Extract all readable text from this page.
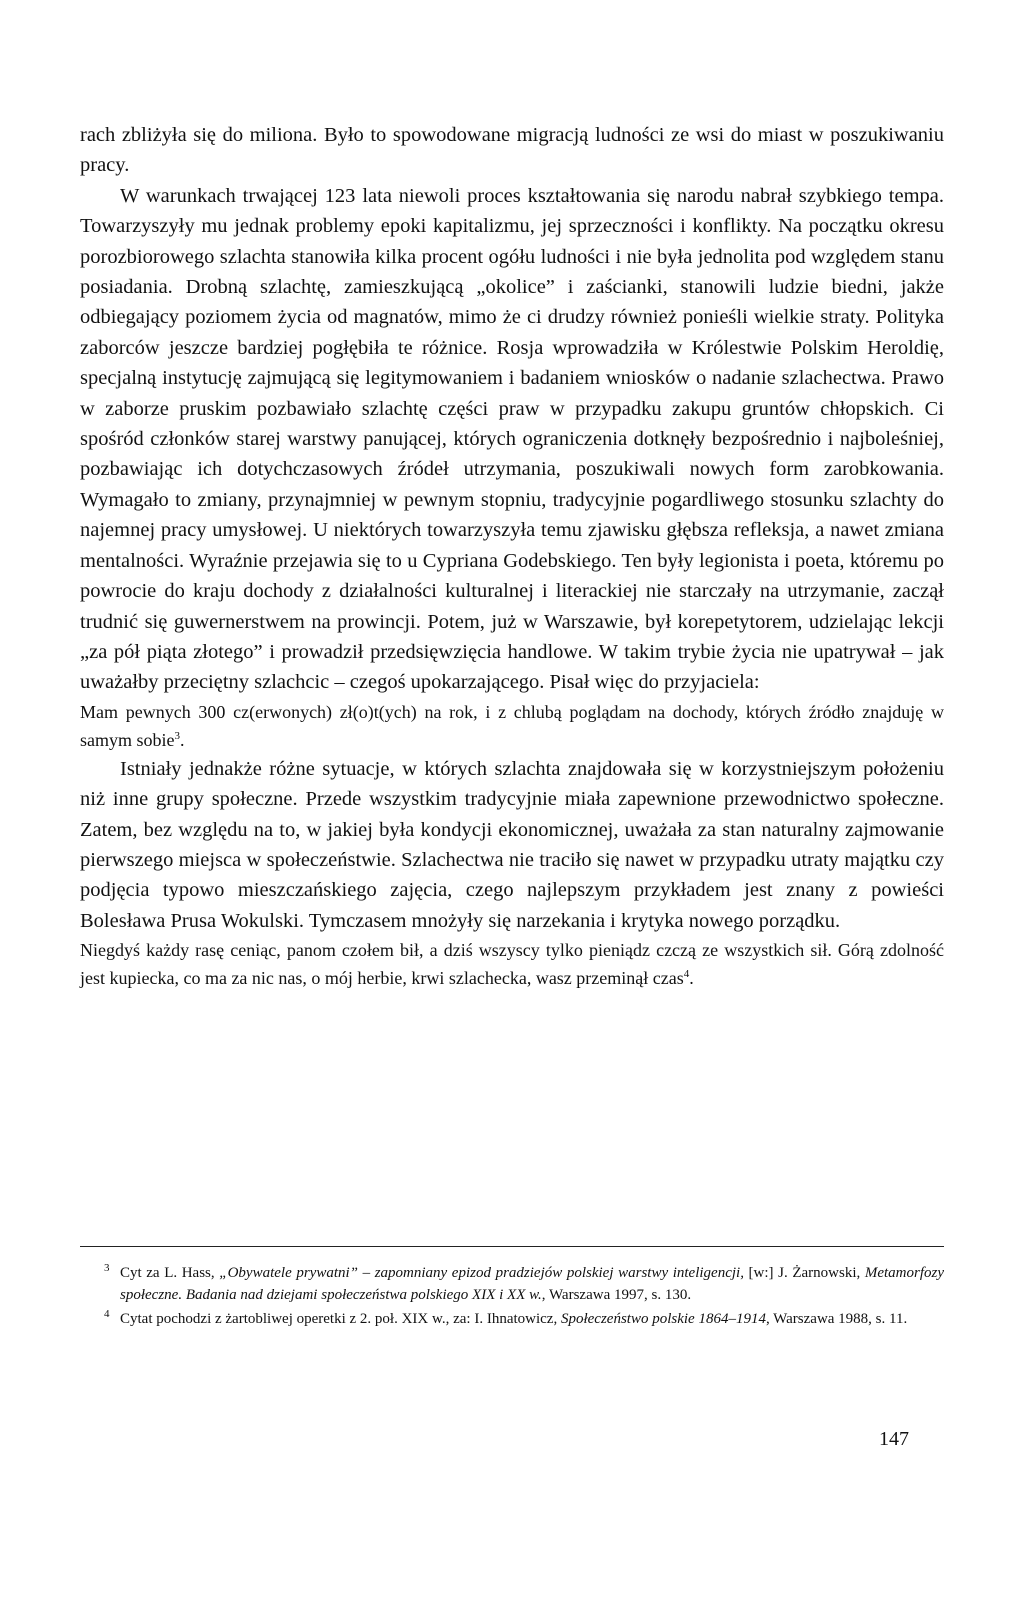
rach zbliżyła się do miliona. Było to spowodowane migracją ludności ze wsi do miast w poszukiwaniu pracy.

W warunkach trwającej 123 lata niewoli proces kształtowania się narodu nabrał szybkiego tempa. Towarzyszyły mu jednak problemy epoki kapitalizmu, jej sprzeczności i konflikty. Na początku okresu porozbiorowego szlachta stanowiła kilka procent ogółu ludności i nie była jednolita pod względem stanu posiadania. Drobną szlachtę, zamieszkującą „okolice” i zaścianki, stanowili ludzie biedni, jakże odbiegający poziomem życia od magnatów, mimo że ci drudzy również ponieśli wielkie straty. Polityka zaborców jeszcze bardziej pogłębiła te różnice. Rosja wprowadziła w Królestwie Polskim Heroldię, specjalną instytucję zajmującą się legitymowaniem i badaniem wniosków o nadanie szlachectwa. Prawo w zaborze pruskim pozbawiało szlachtę części praw w przypadku zakupu gruntów chłopskich. Ci spośród członków starej warstwy panującej, których ograniczenia dotknęły bezpośrednio i najboleśniej, pozbawiając ich dotychczasowych źródeł utrzymania, poszukiwali nowych form zarobkowania. Wymagało to zmiany, przynajmniej w pewnym stopniu, tradycyjnie pogardliwego stosunku szlachty do najemnej pracy umysłowej. U niektórych towarzyszyła temu zjawisku głębsza refleksja, a nawet zmiana mentalności. Wyraźnie przejawia się to u Cypriana Godebskiego. Ten były legionista i poeta, któremu po powrocie do kraju dochody z działalności kulturalnej i literackiej nie starczały na utrzymanie, zaczął trudnić się guwernerstwem na prowincji. Potem, już w Warszawie, był korepetytorem, udzielając lekcji „za pół piąta złotego” i prowadził przedsięwzięcia handlowe. W takim trybie życia nie upatrywał – jak uważałby przeciętny szlachcic – czegoś upokarzającego. Pisał więc do przyjaciela:

Mam pewnych 300 cz(erwonych) zł(o)t(ych) na rok, i z chlubą poglądam na dochody, których źródło znajduję w samym sobie$^3$.

Istniały jednakże różne sytuacje, w których szlachta znajdowała się w korzystniejszym położeniu niż inne grupy społeczne. Przede wszystkim tradycyjnie miała zapewnione przewodnictwo społeczne. Zatem, bez względu na to, w jakiej była kondycji ekonomicznej, uważała za stan naturalny zajmowanie pierwszego miejsca w społeczeństwie. Szlachectwa nie traciło się nawet w przypadku utraty majątku czy podjęcia typowo mieszczańskiego zajęcia, czego najlepszym przykładem jest znany z powieści Bolesława Prusa Wokulski. Tymczasem mnożyły się narzekania i krytyka nowego porządku.

Niegdyś każdy rasę ceniąc, panom czołem bił, a dziś wszyscy tylko pieniądz czczą ze wszystkich sił. Górą zdolność jest kupiecka, co ma za nic nas, o mój herbie, krwi szlachecka, wasz przeminął czas$^4$.

$^3$ Cyt za L. Hass, „Obywatele prywatni” – zapomniany epizod pradziejów polskiej warstwy inteligencji, [w:] J. Żarnowski, Metamorfozy społeczne. Badania nad dziejami społeczeństwa polskiego XIX i XX w., Warszawa 1997, s. 130.

$^4$ Cytat pochodzi z żartobliwej operetki z 2. poł. XIX w., za: I. Ihnatowicz, Społeczeństwo polskie 1864–1914, Warszawa 1988, s. 11.

147
